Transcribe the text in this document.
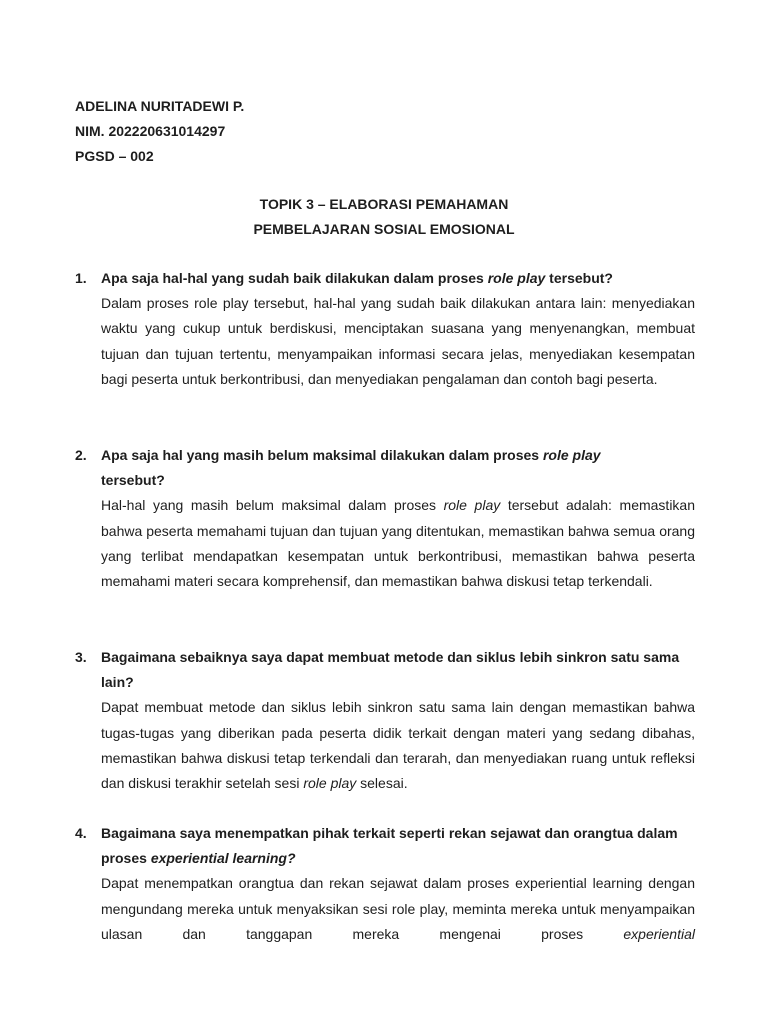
ADELINA NURITADEWI P.
NIM. 202220631014297
PGSD – 002
TOPIK 3 – ELABORASI PEMAHAMAN
PEMBELAJARAN SOSIAL EMOSIONAL
1. Apa saja hal-hal yang sudah baik dilakukan dalam proses role play tersebut?
Dalam proses role play tersebut, hal-hal yang sudah baik dilakukan antara lain: menyediakan waktu yang cukup untuk berdiskusi, menciptakan suasana yang menyenangkan, membuat tujuan dan tujuan tertentu, menyampaikan informasi secara jelas, menyediakan kesempatan bagi peserta untuk berkontribusi, dan menyediakan pengalaman dan contoh bagi peserta.
2. Apa saja hal yang masih belum maksimal dilakukan dalam proses role play
tersebut?
Hal-hal yang masih belum maksimal dalam proses role play tersebut adalah: memastikan bahwa peserta memahami tujuan dan tujuan yang ditentukan, memastikan bahwa semua orang yang terlibat mendapatkan kesempatan untuk berkontribusi, memastikan bahwa peserta memahami materi secara komprehensif, dan memastikan bahwa diskusi tetap terkendali.
3. Bagaimana sebaiknya saya dapat membuat metode dan siklus lebih sinkron satu sama lain?
Dapat membuat metode dan siklus lebih sinkron satu sama lain dengan memastikan bahwa tugas-tugas yang diberikan pada peserta didik terkait dengan materi yang sedang dibahas, memastikan bahwa diskusi tetap terkendali dan terarah, dan menyediakan ruang untuk refleksi dan diskusi terakhir setelah sesi role play selesai.
4. Bagaimana saya menempatkan pihak terkait seperti rekan sejawat dan orangtua dalam proses experiential learning?
Dapat menempatkan orangtua dan rekan sejawat dalam proses experiential learning dengan mengundang mereka untuk menyaksikan sesi role play, meminta mereka untuk menyampaikan ulasan dan tanggapan mereka mengenai proses experiential
